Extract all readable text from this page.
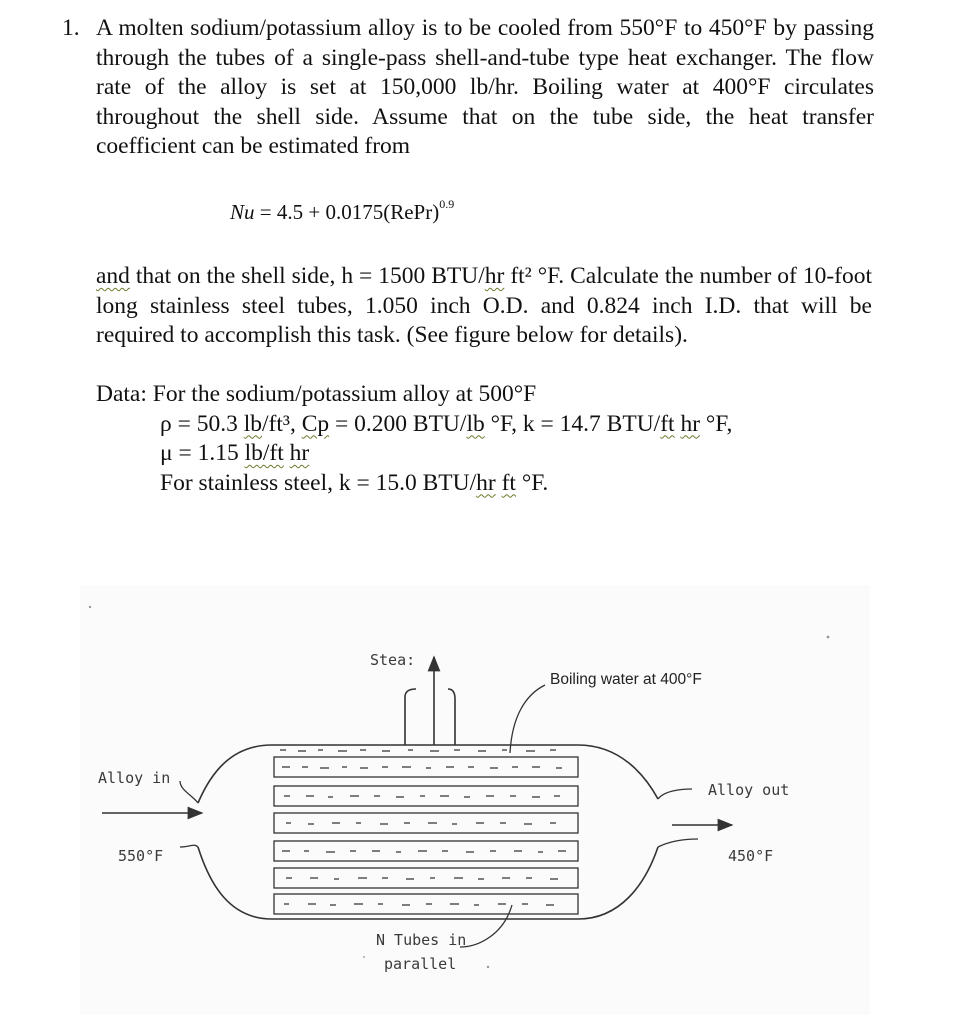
1. A molten sodium/potassium alloy is to be cooled from 550°F to 450°F by passing through the tubes of a single-pass shell-and-tube type heat exchanger. The flow rate of the alloy is set at 150,000 lb/hr. Boiling water at 400°F circulates throughout the shell side. Assume that on the tube side, the heat transfer coefficient can be estimated from
Nu = 4.5 + 0.0175(RePr)$^{0.9}$
and that on the shell side, h = 1500 BTU/hr ft² °F. Calculate the number of 10-foot long stainless steel tubes, 1.050 inch O.D. and 0.824 inch I.D. that will be required to accomplish this task. (See figure below for details).
Data: For the sodium/potassium alloy at 500°F
ρ = 50.3 lb/ft³, Cp = 0.200 BTU/lb °F, k = 14.7 BTU/ft hr °F,
μ = 1.15 lb/ft hr
For stainless steel, k = 15.0 BTU/hr ft °F.
Stea:
Boiling water at 400°F
Alloy in
550°F
Alloy out
450°F
N Tubes in
parallel
